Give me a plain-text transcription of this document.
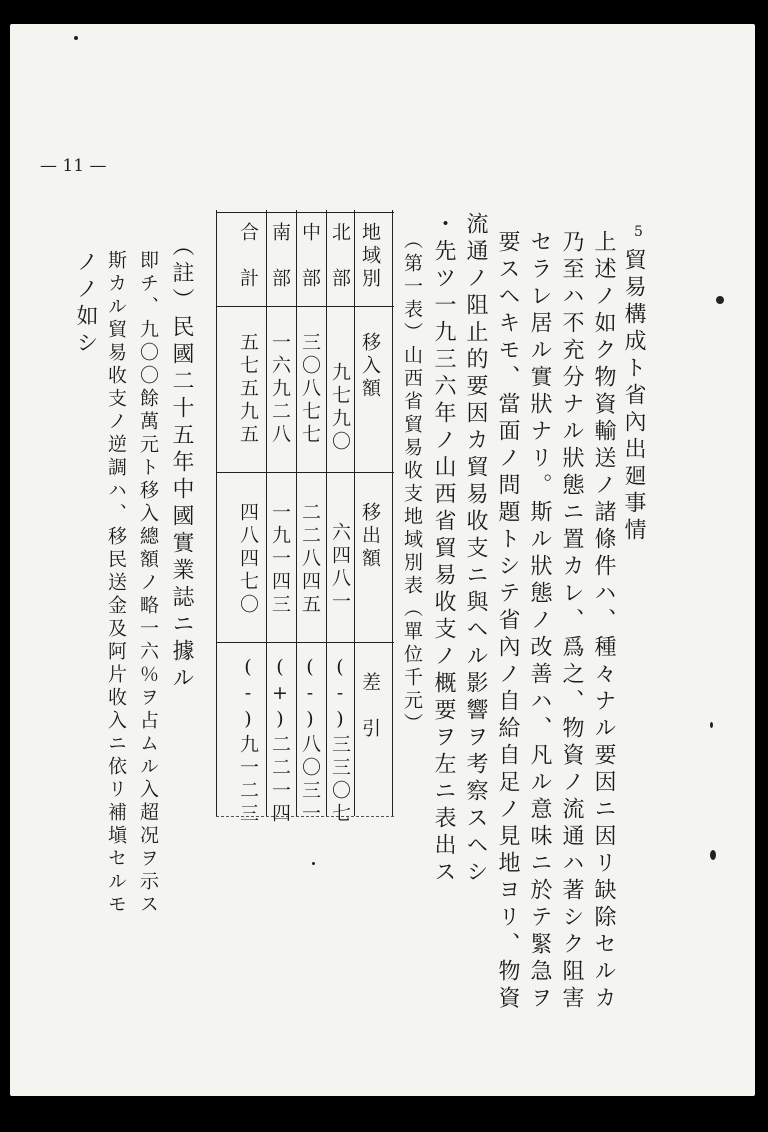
— 11 —
5
貿易構成ト省內出廻事情
上述ノ如ク物資輸送ノ諸條件ハ、種々ナル要因ニ因リ缺除セルカ
乃至ハ不充分ナル狀態ニ置カレ、爲之、物資ノ流通ハ著シク阻害
セラレ居ル實狀ナリ。斯ル狀態ノ改善ハ、凡ル意味ニ於テ緊急ヲ
要スヘキモ、當面ノ問題トシテ省內ノ自給自足ノ見地ヨリ、物資
流通ノ阻止的要因カ貿易收支ニ與ヘル影響ヲ考察スヘシ
・先ツ一九三六年ノ山西省貿易收支ノ概要ヲ左ニ表出ス
（第一表）山西省貿易收支地域別表（單位千元）
地域別
移入額
移出額
差　引
北　部
九七九〇
六四八一
(-)三三〇七
中　部
三〇八七七
二二八四五
(-)八〇三一
南　部
一六九二八
一九一四三
(+)二二一四
合　計
五七五九五
四八四七〇
(-)九一二三
（註）民國二十五年中國實業誌ニ據ル
即チ、九〇〇餘萬元ト移入總額ノ略一六％ヲ占ムル入超况ヲ示ス
斯カル貿易收支ノ逆調ハ、移民送金及阿片收入ニ依リ補塡セルモ
ノノ如シ
